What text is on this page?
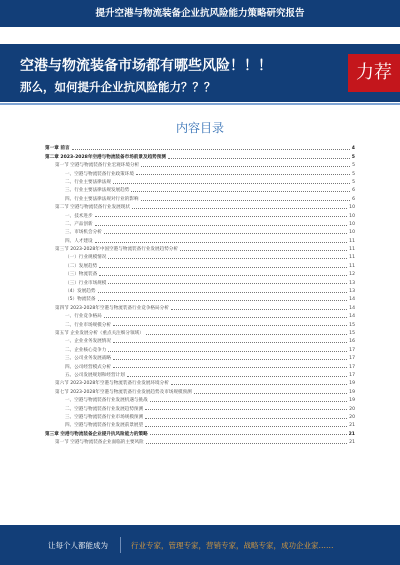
提升空港与物流装备企业抗风险能力策略研究报告
空港与物流装备市场都有哪些风险！！！
那么，如何提升企业抗风险能力？？？
力荐
内容目录
第一章 前言	4
第二章 2023-2028年空港与物流装备市场前景及趋势预测	5
第一节 空港与物流装备行业宏观环境分析	5
一、空港与物流装备行业政策环境	5
二、行业主要法律法规	5
三、行业主要法律法规发展趋势	6
四、行业主要法律法规对行业的影响	6
第二节 空港与物流装备行业发展现状	10
一、技术进步	10
二、产品创新	10
三、市场机会分析	10
四、人才建设	11
第三节 2023-2028年中国空港与物流装备行业发展趋势分析	11
（一）行业规模情况	11
（二）发展趋势	11
（三）物流装备	12
（三）行业市场规模	13
（4）发展趋势	13
（5）物流装备	14
第四节 2023-2028年空港与物流装备行业竞争格局分析	14
一、行业竞争格局	14
二、行业市场规模分析	15
第五节 企业发展分析（重点关注细分领域）	15
一、企业业务发展情况	16
二、企业核心竞争力	17
三、公司业务发展战略	17
四、公司经营模式分析	17
五、公司发展规划和经营计划	17
第六节 2023-2028年空港与物流装备行业发展环境分析	19
第七节 2023-2028年空港与物流装备行业发展趋势及市场规模预测	19
一、空港与物流装备行业发展机遇与挑战	19
二、空港与物流装备行业发展趋势预测	20
三、空港与物流装备行业市场规模预测	20
四、空港与物流装备行业发展前景展望	21
第三章 空港与物流装备企业提升抗风险能力的策略	21
第一节 空港与物流装备企业面临的主要风险	21
让每个人都能成为	行业专家，管理专家，营销专家，战略专家，成功企业家……
